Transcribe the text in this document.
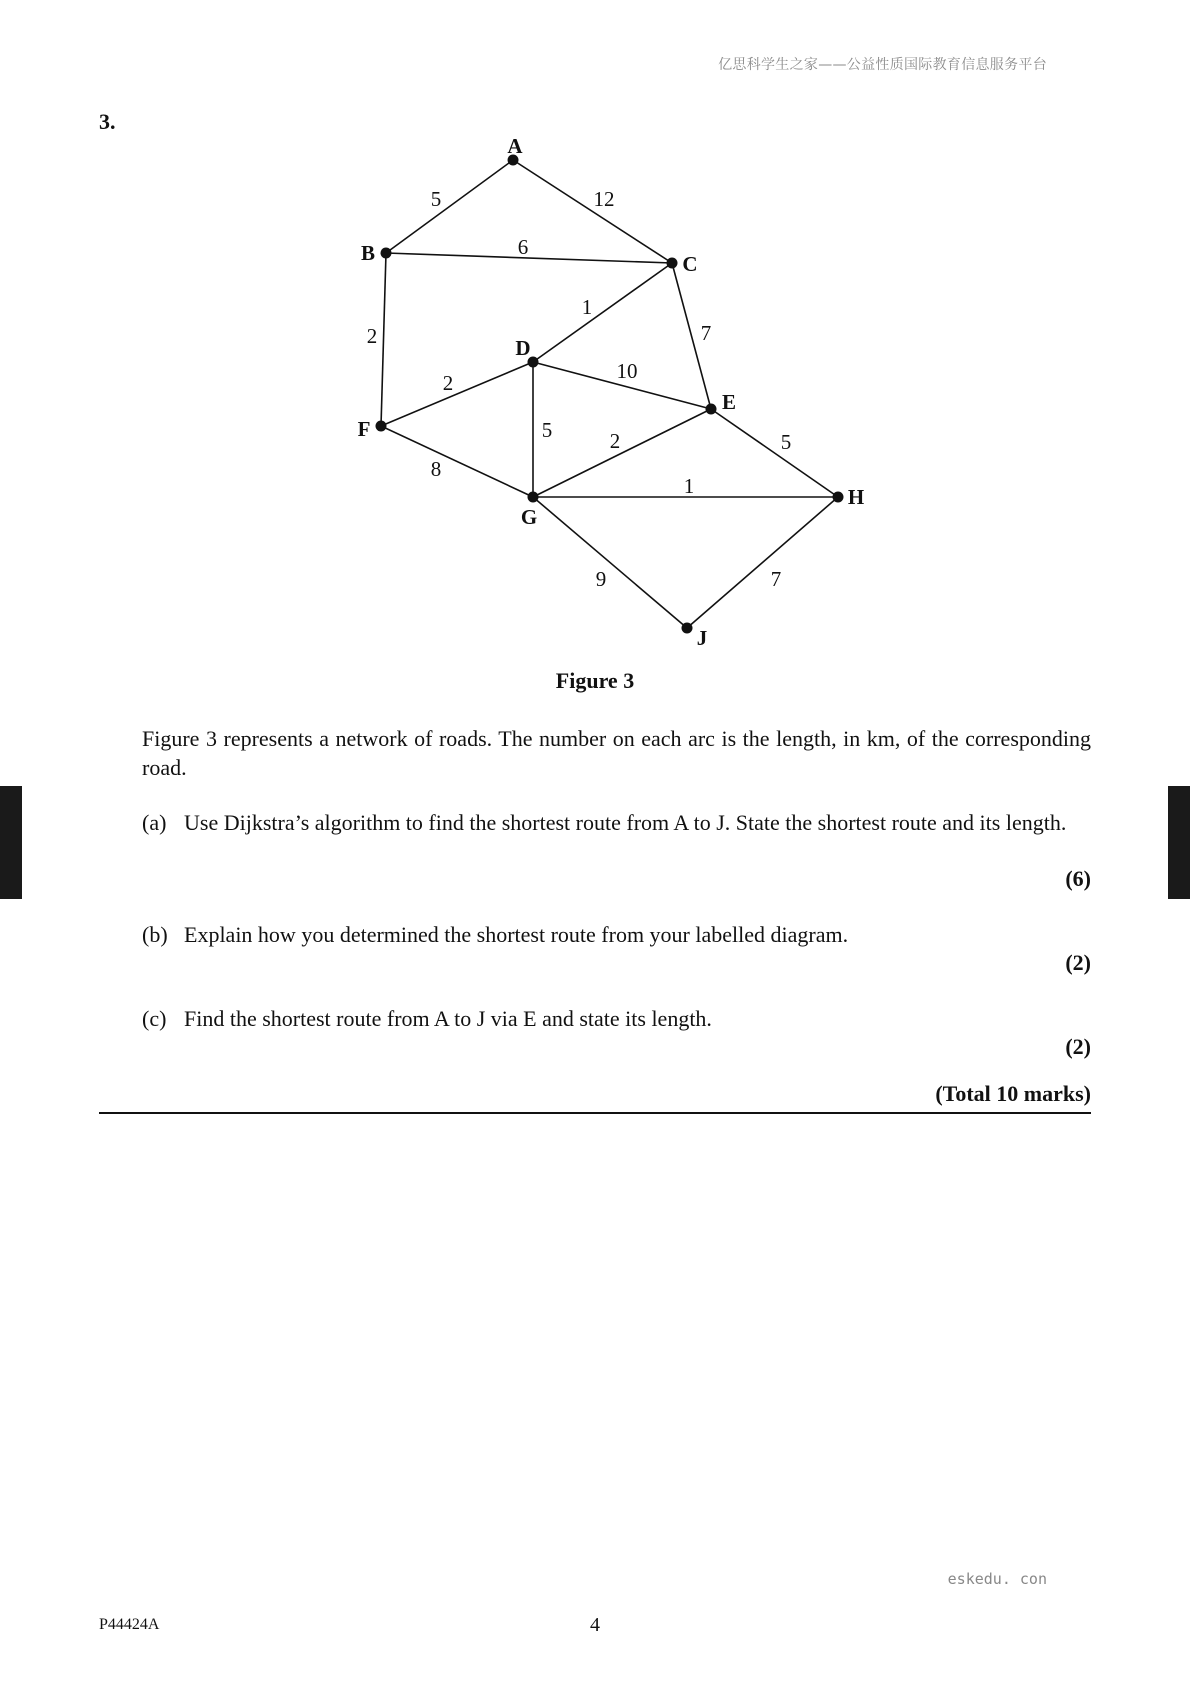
亿思科学生之家——公益性质国际教育信息服务平台
3.
5	12
6
2
1
7
2	10
5
8
2	5
1
9	7
A
B	C
D
E
F
G
H
J
Figure 3
Figure 3 represents a network of roads. The number on each arc is the length, in km, of the corresponding road.
(a) Use Dijkstra’s algorithm to find the shortest route from A to J. State the shortest route and its length.
(6)
(b) Explain how you determined the shortest route from your labelled diagram.
(2)
(c) Find the shortest route from A to J via E and state its length.
(2)
(Total 10 marks)
eskedu. con
P44424A	4
